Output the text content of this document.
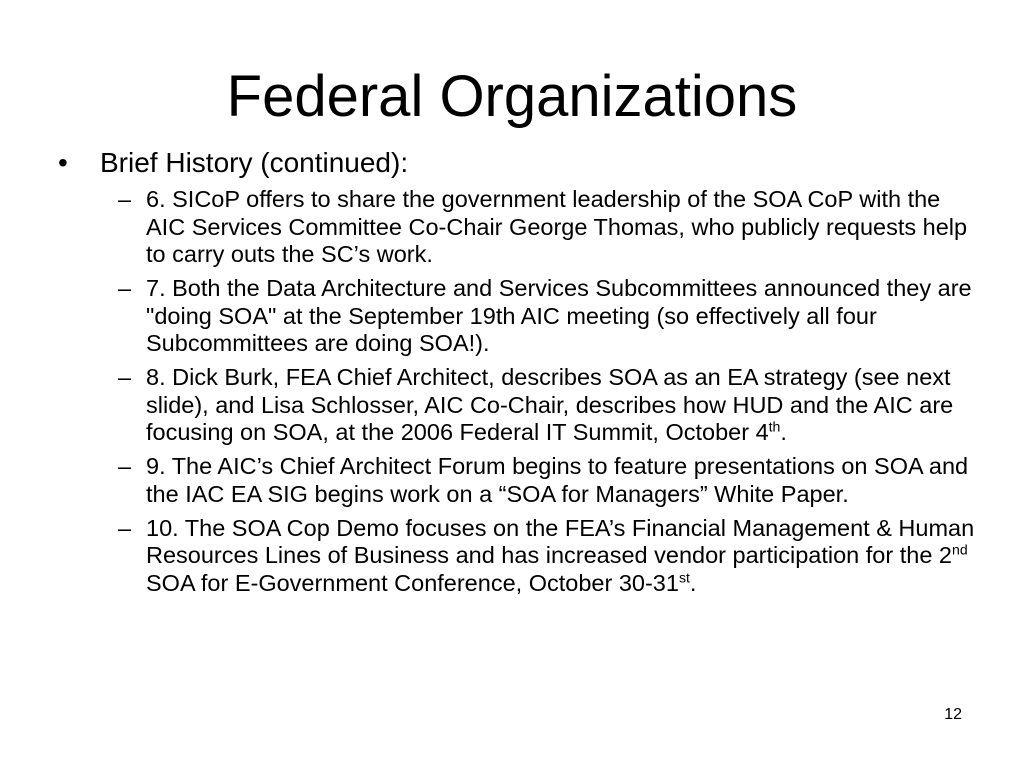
Federal Organizations
•	Brief History (continued):
– 6. SICoP offers to share the government leadership of the SOA CoP with the AIC Services Committee Co-Chair George Thomas, who publicly requests help to carry outs the SC’s work.
– 7. Both the Data Architecture and Services Subcommittees announced they are "doing SOA" at the September 19th AIC meeting (so effectively all four Subcommittees are doing SOA!).
– 8. Dick Burk, FEA Chief Architect, describes SOA as an EA strategy (see next slide), and Lisa Schlosser, AIC Co-Chair, describes how HUD and the AIC are focusing on SOA, at the 2006 Federal IT Summit, October 4th.
– 9. The AIC’s Chief Architect Forum begins to feature presentations on SOA and the IAC EA SIG begins work on a “SOA for Managers” White Paper.
– 10. The SOA Cop Demo focuses on the FEA’s Financial Management & Human Resources Lines of Business and has increased vendor participation for the 2nd SOA for E-Government Conference, October 30-31st.
12
